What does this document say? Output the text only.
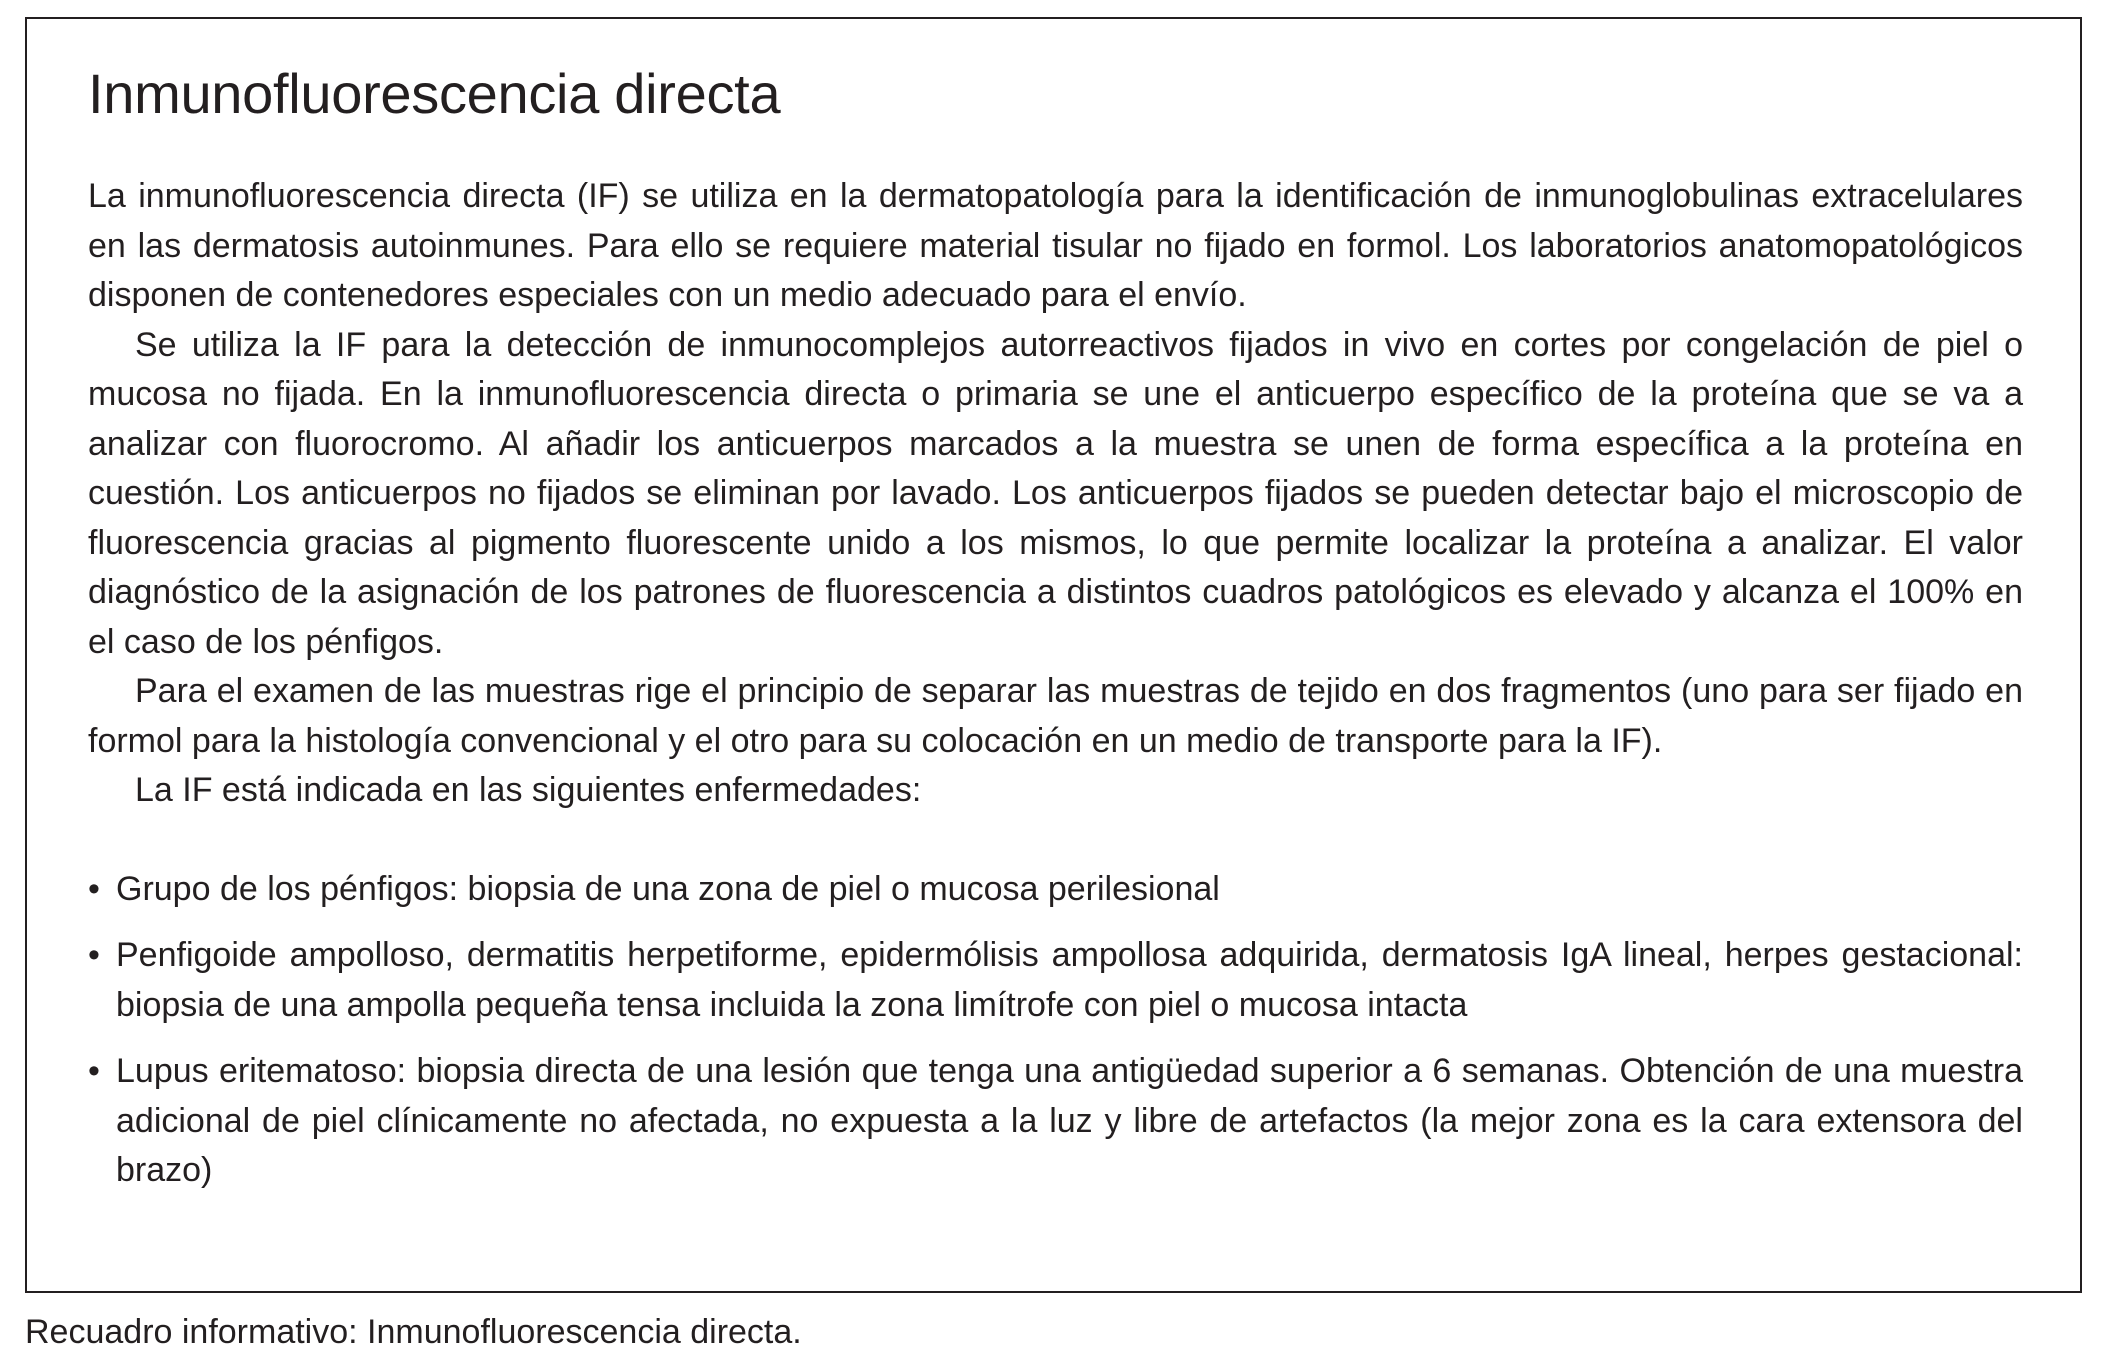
Inmunofluorescencia directa

La inmunofluorescencia directa (IF) se utiliza en la dermatopatología para la identificación de inmunoglobulinas extracelulares en las dermatosis autoinmunes. Para ello se requiere material tisular no fijado en formol. Los laboratorios anatomopatológicos disponen de contenedores especiales con un medio adecuado para el envío.

Se utiliza la IF para la detección de inmunocomplejos autorreactivos fijados in vivo en cortes por congelación de piel o mucosa no fijada. En la inmunofluorescencia directa o primaria se une el anticuerpo específico de la proteína que se va a analizar con fluorocromo. Al añadir los anticuerpos marcados a la muestra se unen de forma específica a la proteína en cuestión. Los anticuerpos no fijados se eliminan por lavado. Los anticuerpos fijados se pueden detectar bajo el microscopio de fluorescencia gracias al pigmento fluorescente unido a los mismos, lo que permite localizar la proteína a analizar. El valor diagnóstico de la asignación de los patrones de fluorescencia a distintos cuadros patológicos es elevado y alcanza el 100% en el caso de los pénfigos.

Para el examen de las muestras rige el principio de separar las muestras de tejido en dos fragmentos (uno para ser fijado en formol para la histología convencional y el otro para su colocación en un medio de transporte para la IF).

La IF está indicada en las siguientes enfermedades:

• Grupo de los pénfigos: biopsia de una zona de piel o mucosa perilesional
• Penfigoide ampolloso, dermatitis herpetiforme, epidermólisis ampollosa adquirida, dermatosis IgA lineal, herpes gestacional: biopsia de una ampolla pequeña tensa incluida la zona limítrofe con piel o mucosa intacta
• Lupus eritematoso: biopsia directa de una lesión que tenga una antigüedad superior a 6 semanas. Obtención de una muestra adicional de piel clínicamente no afectada, no expuesta a la luz y libre de artefactos (la mejor zona es la cara extensora del brazo)

Recuadro informativo: Inmunofluorescencia directa.
